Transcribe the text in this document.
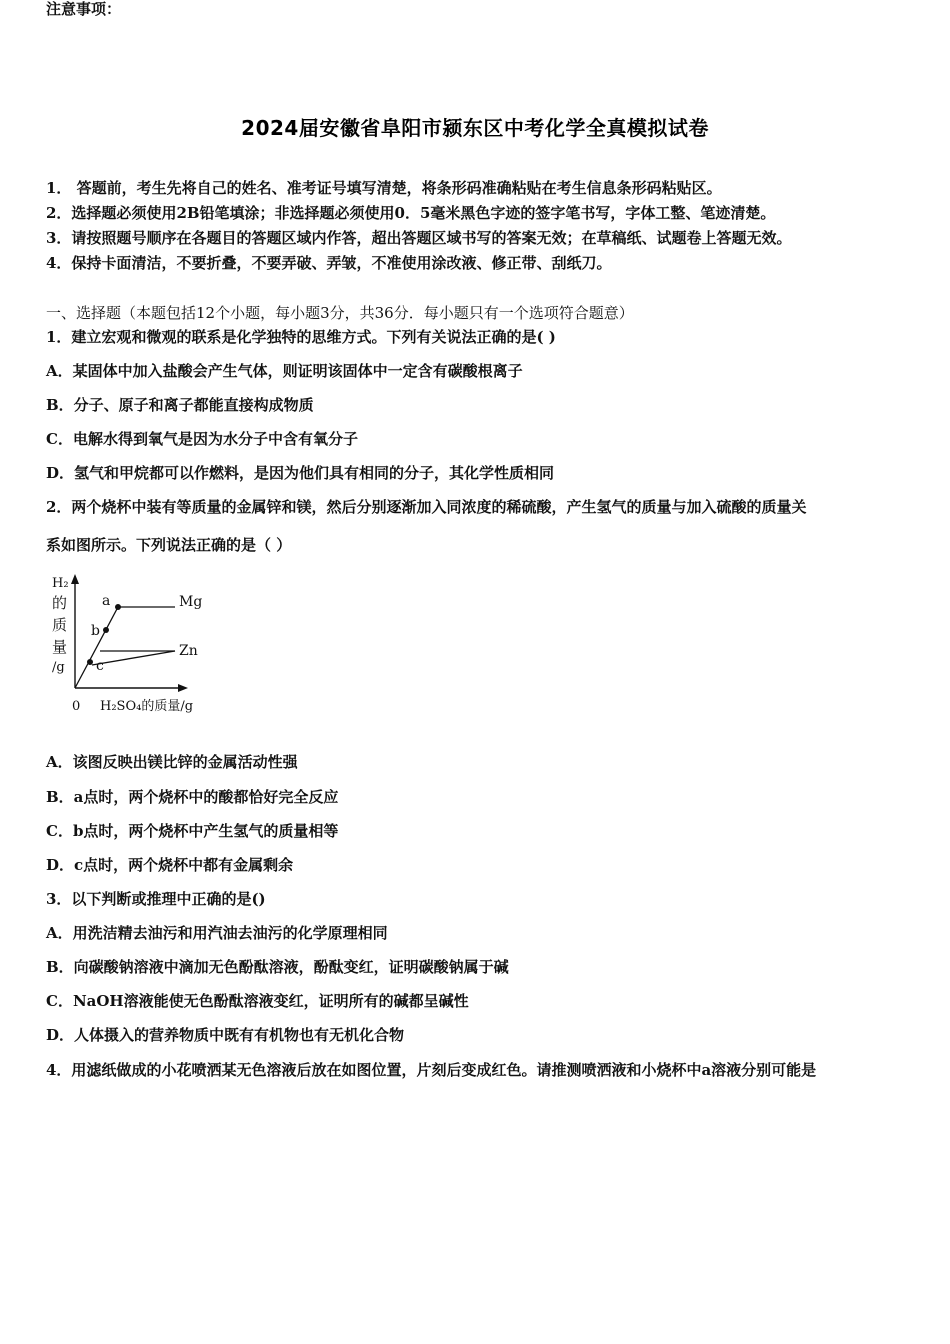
2024届安徽省阜阳市颍东区中考化学全真模拟试卷
注意事项：
1． 答题前，考生先将自己的姓名、准考证号填写清楚，将条形码准确粘贴在考生信息条形码粘贴区。
2．选择题必须使用2B铅笔填涂；非选择题必须使用0．5毫米黑色字迹的签字笔书写，字体工整、笔迹清楚。
3．请按照题号顺序在各题目的答题区域内作答，超出答题区域书写的答案无效；在草稿纸、试题卷上答题无效。
4．保持卡面清洁，不要折叠，不要弄破、弄皱，不准使用涂改液、修正带、刮纸刀。
一、选择题（本题包括12个小题，每小题3分，共36分．每小题只有一个选项符合题意）
1．建立宏观和微观的联系是化学独特的思维方式。下列有关说法正确的是( )
A．某固体中加入盐酸会产生气体，则证明该固体中一定含有碳酸根离子
B．分子、原子和离子都能直接构成物质
C．电解水得到氧气是因为水分子中含有氧分子
D．氢气和甲烷都可以作燃料，是因为他们具有相同的分子，其化学性质相同
2．两个烧杯中装有等质量的金属锌和镁，然后分别逐渐加入同浓度的稀硫酸，产生氢气的质量与加入硫酸的质量关
系如图所示。下列说法正确的是（ ）
H₂
的
质
量
/g
0 H₂SO₄的质量/g
a
b
c
Mg
Zn
A．该图反映出镁比锌的金属活动性强
B．a点时，两个烧杯中的酸都恰好完全反应
C．b点时，两个烧杯中产生氢气的质量相等
D．c点时，两个烧杯中都有金属剩余
3．以下判断或推理中正确的是()
A．用洗洁精去油污和用汽油去油污的化学原理相同
B．向碳酸钠溶液中滴加无色酚酞溶液，酚酞变红，证明碳酸钠属于碱
C．NaOH溶液能使无色酚酞溶液变红，证明所有的碱都呈碱性
D．人体摄入的营养物质中既有有机物也有无机化合物
4．用滤纸做成的小花喷洒某无色溶液后放在如图位置，片刻后变成红色。请推测喷洒液和小烧杯中a溶液分别可能是
